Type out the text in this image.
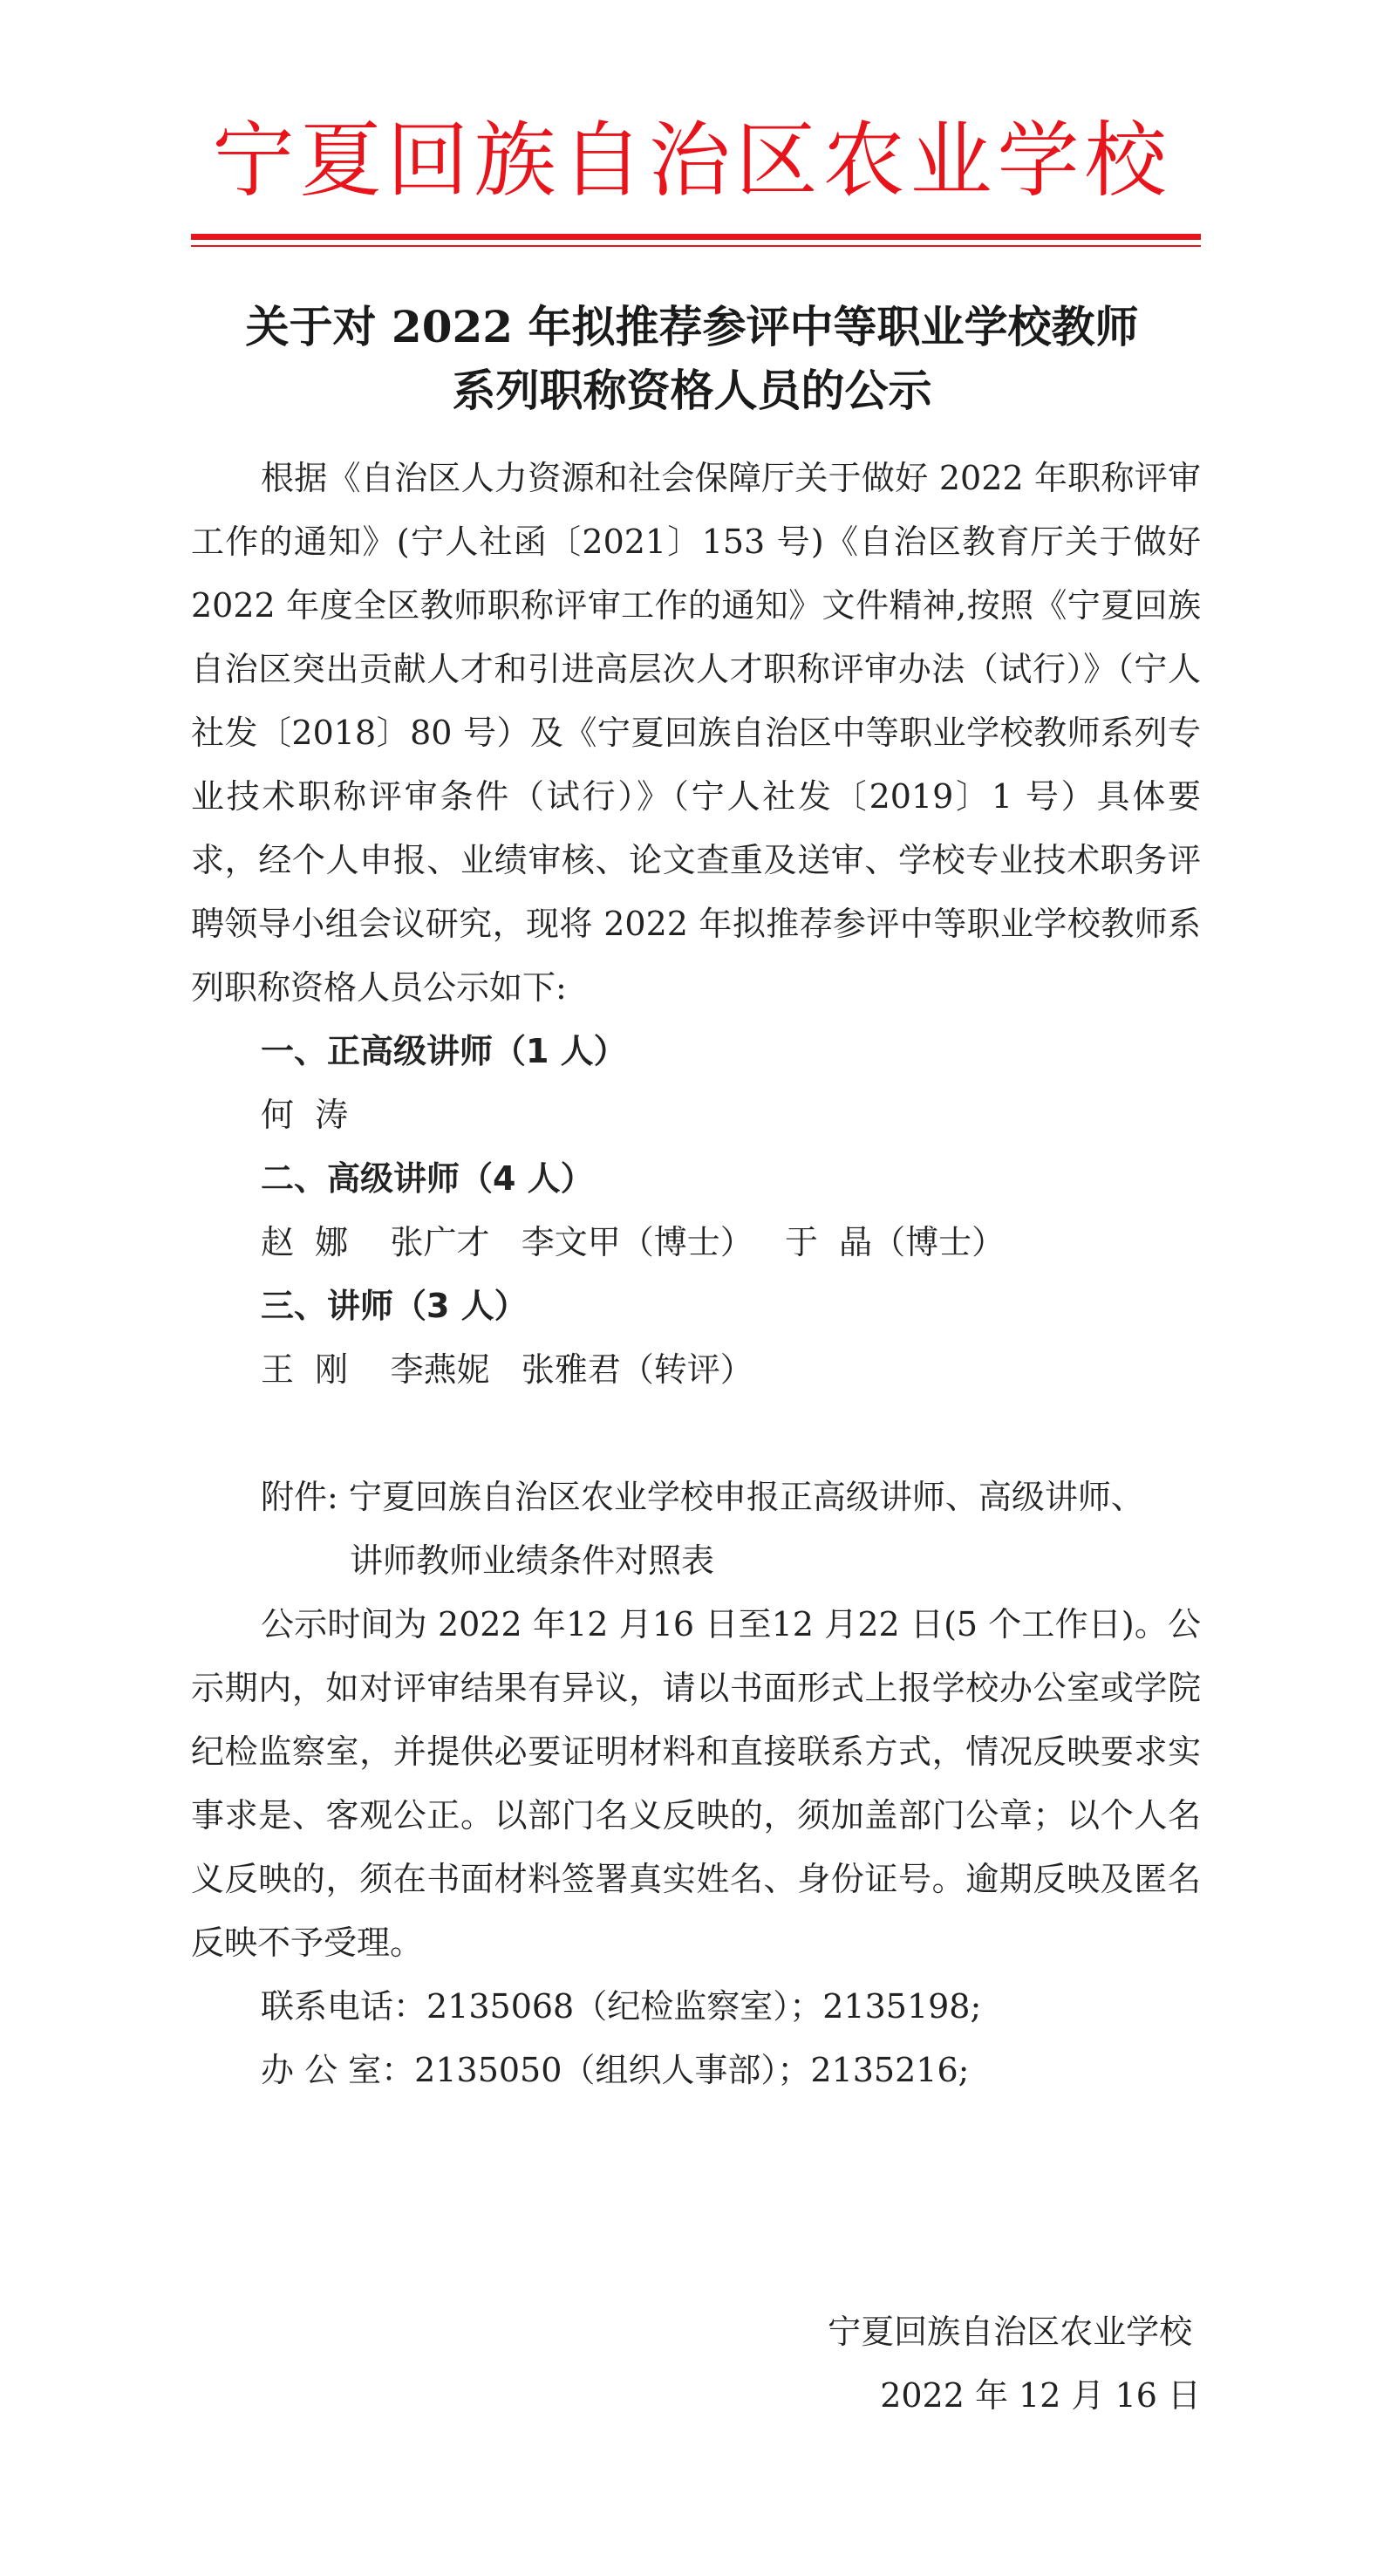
宁夏回族自治区农业学校
关于对 2022 年拟推荐参评中等职业学校教师
系列职称资格人员的公示

根据《自治区人力资源和社会保障厅关于做好 2022 年职称评审工作的通知》(宁人社函〔2021〕153 号)《自治区教育厅关于做好 2022 年度全区教师职称评审工作的通知》文件精神,按照《宁夏回族自治区突出贡献人才和引进高层次人才职称评审办法（试行）》（宁人社发〔2018〕80 号）及《宁夏回族自治区中等职业学校教师系列专业技术职称评审条件（试行）》（宁人社发〔2019〕1 号）具体要求，经个人申报、业绩审核、论文查重及送审、学校专业技术职务评聘领导小组会议研究，现将 2022 年拟推荐参评中等职业学校教师系列职称资格人员公示如下:

一、正高级讲师（1 人）

何  涛

二、高级讲师（4 人）

赵  娜    张广才   李文甲（博士）   于  晶（博士）

三、讲师（3 人）

王  刚    李燕妮   张雅君（转评）

附件: 宁夏回族自治区农业学校申报正高级讲师、高级讲师、

讲师教师业绩条件对照表

公示时间为 2022 年12 月16 日至12 月22 日(5 个工作日)。公示期内，如对评审结果有异议，请以书面形式上报学校办公室或学院纪检监察室，并提供必要证明材料和直接联系方式，情况反映要求实事求是、客观公正。以部门名义反映的，须加盖部门公章；以个人名义反映的，须在书面材料签署真实姓名、身份证号。逾期反映及匿名反映不予受理。

联系电话：2135068（纪检监察室）；2135198;

办 公 室：2135050（组织人事部）；2135216;

宁夏回族自治区农业学校
2022 年 12 月 16 日
